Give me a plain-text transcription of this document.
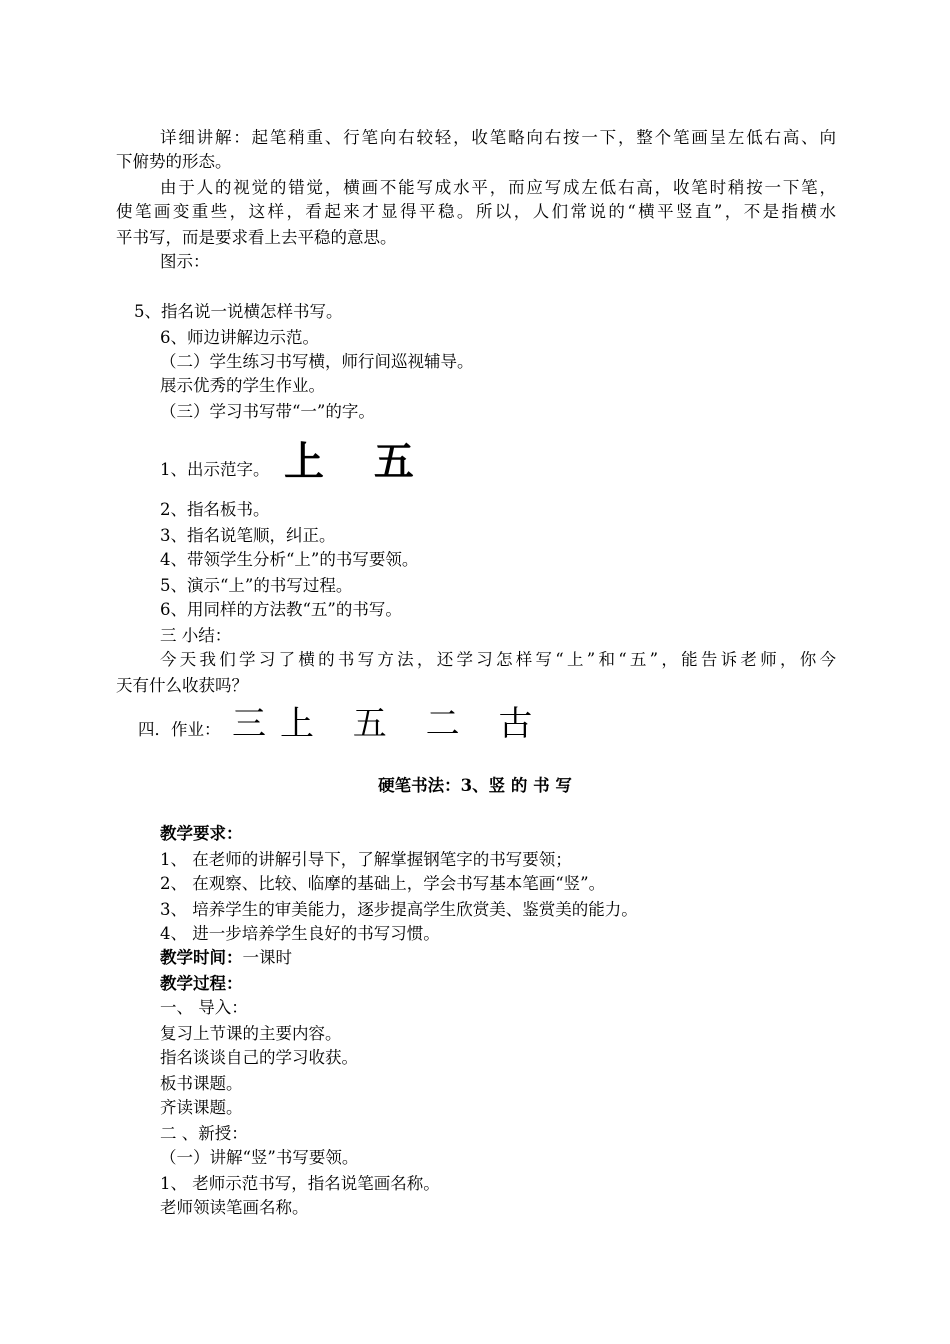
详细讲解：起笔稍重、行笔向右较轻，收笔略向右按一下，整个笔画呈左低右高、向
下俯势的形态。
由于人的视觉的错觉，横画不能写成水平，而应写成左低右高，收笔时稍按一下笔，
使笔画变重些，这样，看起来才显得平稳。所以，人们常说的“横平竖直”，不是指横水
平书写，而是要求看上去平稳的意思。
图示：
5、指名说一说横怎样书写。
6、师边讲解边示范。
（二）学生练习书写横，师行间巡视辅导。
展示优秀的学生作业。
（三）学习书写带“一”的字。
1、出示范字。 上 五
2、指名板书。
3、指名说笔顺，纠正。
4、带领学生分析“上”的书写要领。
5、演示“上”的书写过程。
6、用同样的方法教“五”的书写。
三 小结：
今天我们学习了横的书写方法，还学习怎样写“上”和“五”，能告诉老师，你今
天有什么收获吗？
四．作业： 三上 五 二 古
硬笔书法：3、竖 的 书 写
教学要求：
1、 在老师的讲解引导下，了解掌握钢笔字的书写要领；
2、 在观察、比较、临摩的基础上，学会书写基本笔画“竖”。
3、 培养学生的审美能力，逐步提高学生欣赏美、鉴赏美的能力。
4、 进一步培养学生良好的书写习惯。
教学时间：一课时
教学过程：
一、 导入：
复习上节课的主要内容。
指名谈谈自己的学习收获。
板书课题。
齐读课题。
二 、新授：
（一）讲解“竖”书写要领。
1、 老师示范书写，指名说笔画名称。
老师领读笔画名称。
